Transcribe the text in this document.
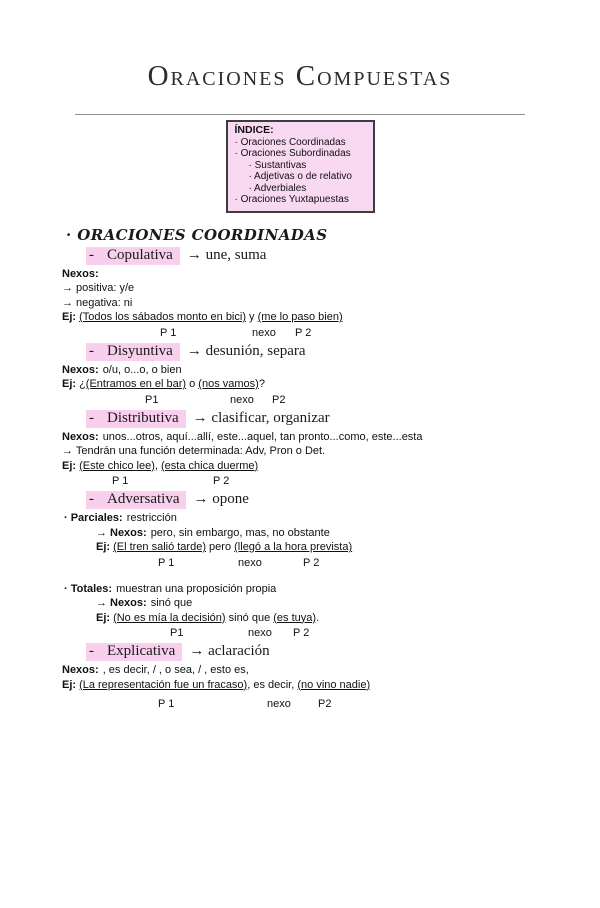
Oraciones Compuestas
ÍNDICE:
· Oraciones Coordinadas
· Oraciones Subordinadas
· Sustantivas
· Adjetivas o de relativo
· Adverbiales
· Oraciones Yuxtapuestas
· ORACIONES COORDINADAS
- Copulativa → une, suma
Nexos:
→ positiva: y/e
→ negativa: ni
Ej: (Todos los sábados monto en bici) y (me lo paso bien)
P 1	nexo P 2
- Disyuntiva → desunión, separa
Nexos: o/u, o...o, o bien
Ej: ¿(Entramos en el bar) o (nos vamos)?
P1	nexo P2
- Distributiva → clasificar, organizar
Nexos: unos...otros, aquí...allí, este...aquel, tan pronto...como, este...esta
→ Tendrán una función determinada: Adv, Pron o Det.
Ej: (Este chico lee), (esta chica duerme)
P 1	P 2
- Adversativa → opone
· Parciales: restricción
→ Nexos: pero, sin embargo, mas, no obstante
Ej: (El tren salió tarde) pero (llegó a la hora prevista)
P 1	nexo	P 2
· Totales: muestran una proposición propia
→ Nexos: sinó que
Ej: (No es mía la decisión) sinó que (es tuya).
P1	nexo P 2
- Explicativa → aclaración
Nexos: , es decir, / , o sea, / , esto es,
Ej: (La representación fue un fracaso), es decir, (no vino nadie)
P 1	nexo P2
